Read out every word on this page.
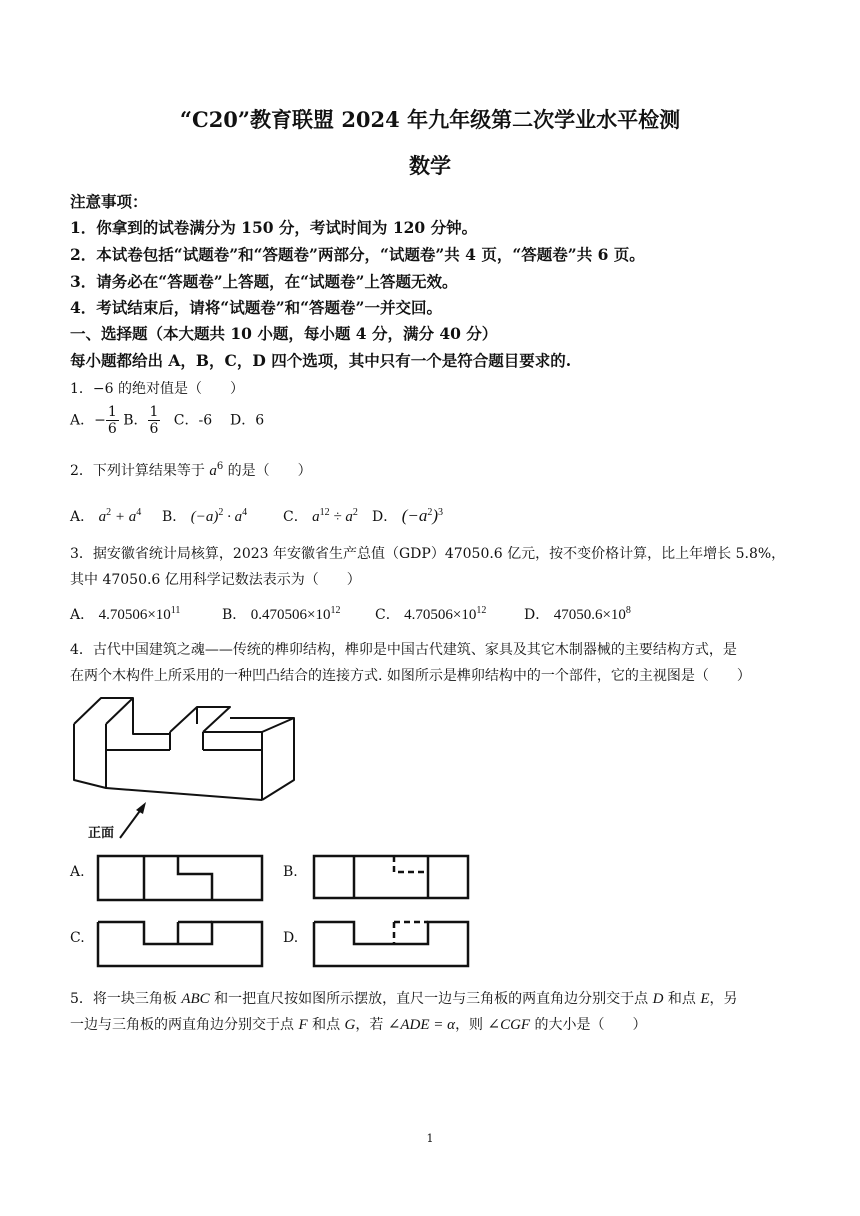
“C20”教育联盟 2024 年九年级第二次学业水平检测
数学
注意事项：
1．你拿到的试卷满分为 150 分，考试时间为 120 分钟。
2．本试卷包括“试题卷”和“答题卷”两部分，“试题卷”共 4 页，“答题卷”共 6 页。
3．请务必在“答题卷”上答题，在“试题卷”上答题无效。
4．考试结束后，请将“试题卷”和“答题卷”一并交回。
一、选择题（本大题共 10 小题，每小题 4 分，满分 40 分）
每小题都给出 A，B，C，D 四个选项，其中只有一个是符合题目要求的.
1．−6 的绝对值是（　　）
A．− $\frac{1}{6}$ B． $\frac{1}{6}$ C．-6 D．6
2．下列计算结果等于 $a^6$ 的是（　　）
A． $a^2 + a^4$ B． $(-a)^2 \cdot a^4$	C． $a^{12} \div a^2$ D． $(-a^2)^3$
3．据安徽省统计局核算，2023 年安徽省生产总值（GDP）47050.6 亿元，按不变价格计算，比上年增长 5.8%，
其中 47050.6 亿用科学记数法表示为（　　）
A． $4.70506\times 10^{11}$	B． $0.470506\times 10^{12}$ C． $4.70506\times 10^{12}$	D． $47050.6\times 10^8$
4．古代中国建筑之魂——传统的榫卯结构，榫卯是中国古代建筑、家具及其它木制器械的主要结构方式，是
在两个木构件上所采用的一种凹凸结合的连接方式. 如图所示是榫卯结构中的一个部件，它的主视图是（　　）
正面
A.	B.
C.	D.
5．将一块三角板 ABC 和一把直尺按如图所示摆放，直尺一边与三角板的两直角边分别交于点 D 和点 E，另
一边与三角板的两直角边分别交于点 F 和点 G，若 ∠ADE = α，则 ∠CGF 的大小是（　　）
1
